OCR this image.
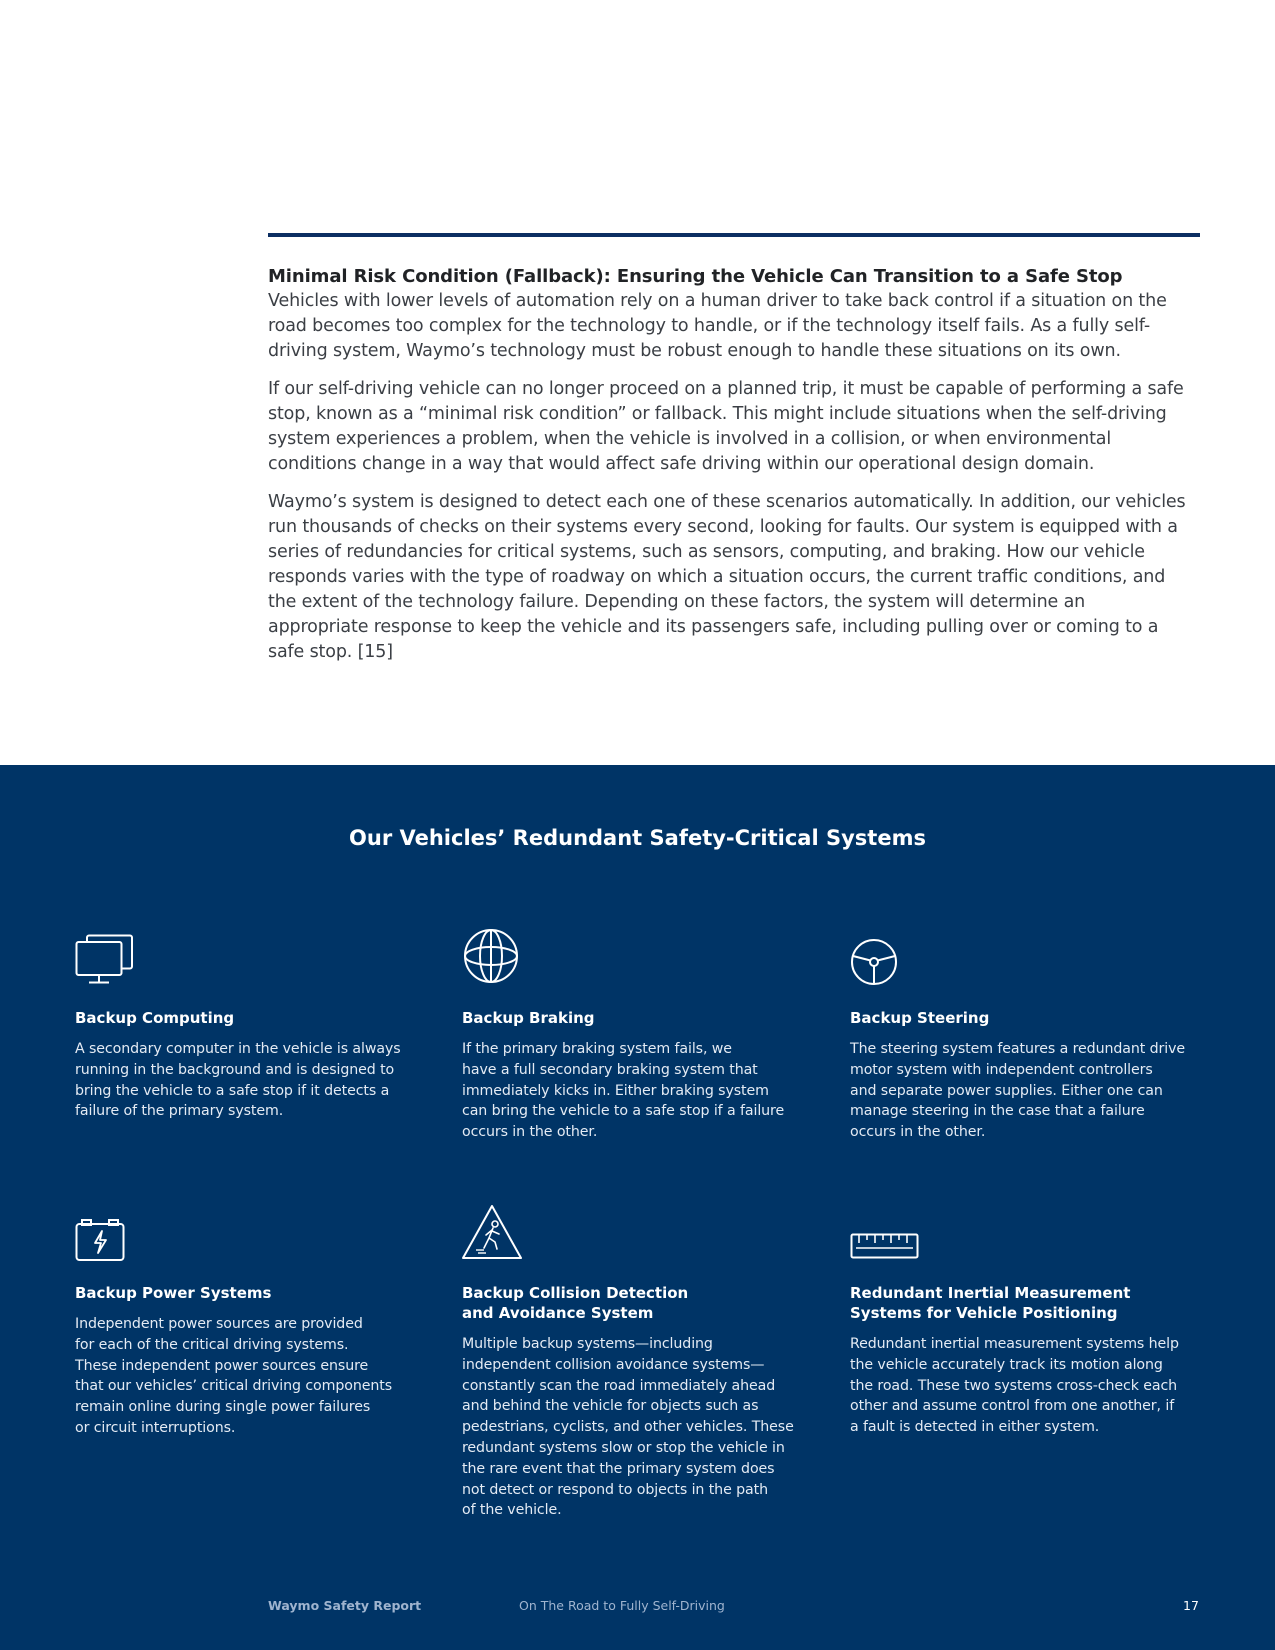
Minimal Risk Condition (Fallback): Ensuring the Vehicle Can Transition to a Safe Stop

Vehicles with lower levels of automation rely on a human driver to take back control if a situation on the road becomes too complex for the technology to handle, or if the technology itself fails. As a fully self-driving system, Waymo’s technology must be robust enough to handle these situations on its own.

If our self-driving vehicle can no longer proceed on a planned trip, it must be capable of performing a safe stop, known as a “minimal risk condition” or fallback. This might include situations when the self-driving system experiences a problem, when the vehicle is involved in a collision, or when environmental conditions change in a way that would affect safe driving within our operational design domain.

Waymo’s system is designed to detect each one of these scenarios automatically. In addition, our vehicles run thousands of checks on their systems every second, looking for faults. Our system is equipped with a series of redundancies for critical systems, such as sensors, computing, and braking. How our vehicle responds varies with the type of roadway on which a situation occurs, the current traffic conditions, and the extent of the technology failure. Depending on these factors, the system will determine an appropriate response to keep the vehicle and its passengers safe, including pulling over or coming to a safe stop. [15]

Our Vehicles’ Redundant Safety-Critical Systems
Backup Computing

A secondary computer in the vehicle is always
running in the background and is designed to
bring the vehicle to a safe stop if it detects a
failure of the primary system.

Backup Braking

If the primary braking system fails, we
have a full secondary braking system that
immediately kicks in. Either braking system
can bring the vehicle to a safe stop if a failure
occurs in the other.

Backup Steering

The steering system features a redundant drive
motor system with independent controllers
and separate power supplies. Either one can
manage steering in the case that a failure
occurs in the other.

Backup Power Systems

Independent power sources are provided
for each of the critical driving systems.
These independent power sources ensure
that our vehicles’ critical driving components
remain online during single power failures
or circuit interruptions.

Backup Collision Detection
and Avoidance System

Multiple backup systems—including
independent collision avoidance systems—
constantly scan the road immediately ahead
and behind the vehicle for objects such as
pedestrians, cyclists, and other vehicles. These
redundant systems slow or stop the vehicle in
the rare event that the primary system does
not detect or respond to objects in the path
of the vehicle.

Redundant Inertial Measurement
Systems for Vehicle Positioning

Redundant inertial measurement systems help
the vehicle accurately track its motion along
the road. These two systems cross-check each
other and assume control from one another, if
a fault is detected in either system.

Waymo Safety Report	On The Road to Fully Self-Driving	17
